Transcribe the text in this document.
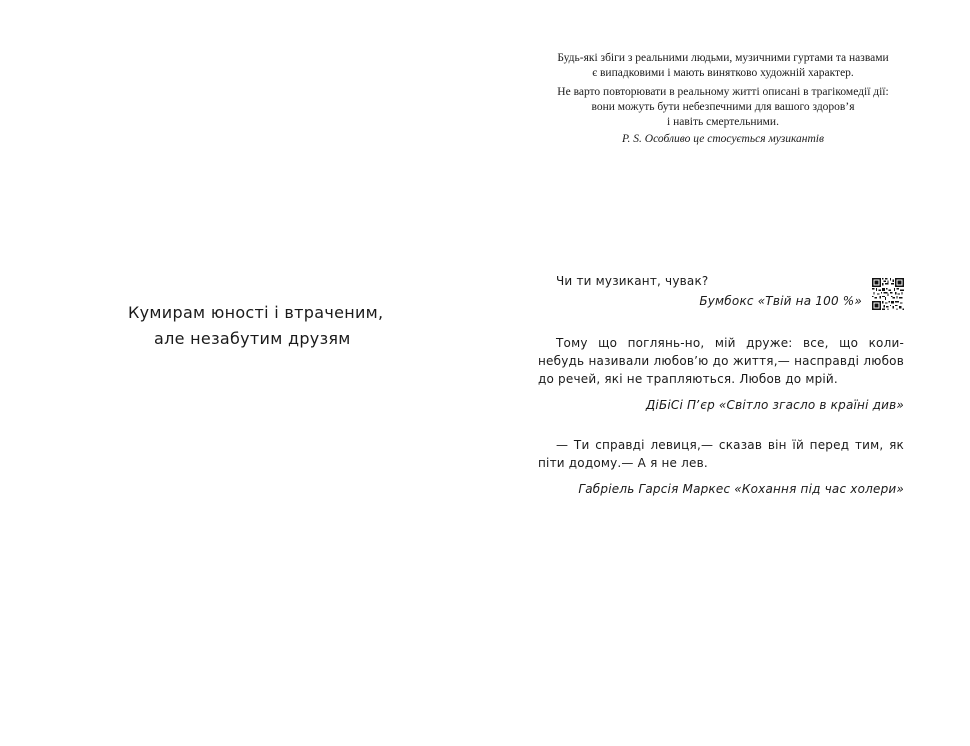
Кумирам юності і втраченим,
але незабутим друзям

Будь-які збіги з реальними людьми, музичними гуртами та назвами
є випадковими і мають винятково художній характер.

Не варто повторювати в реальному житті описані в трагікомедії дії:
вони можуть бути небезпечними для вашого здоров’я
і навіть смертельними.
P. S. Особливо це стосується музикантів

Чи ти музикант, чувак?
Бумбокс «Твій на 100 %»
Тому що поглянь-но, мій друже: все, що коли-небудь називали любов’ю до життя,— насправді любов до речей, які не трапляються. Любов до мрій.
ДіБіСі Пʼєр «Світло згасло в країні див»
— Ти справді левиця,— сказав він їй перед тим, як піти додому.— А я не лев.
Габріель Гарсія Маркес «Кохання під час холери»
